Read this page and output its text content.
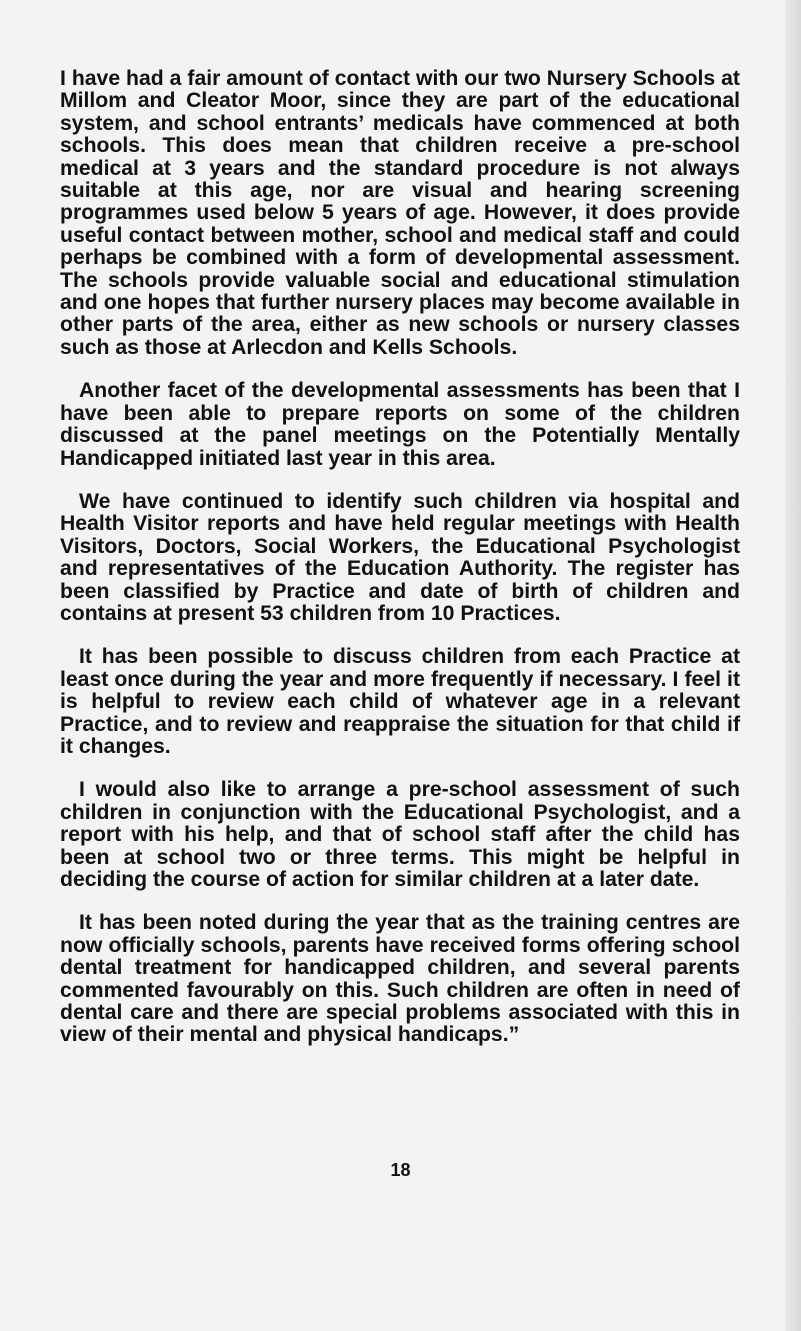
I have had a fair amount of contact with our two Nursery Schools at Millom and Cleator Moor, since they are part of the educational system, and school entrants’ medicals have commenced at both schools. This does mean that children receive a pre-school medical at 3 years and the standard procedure is not always suitable at this age, nor are visual and hearing screening programmes used below 5 years of age. However, it does provide useful contact between mother, school and medical staff and could perhaps be combined with a form of developmental assessment. The schools provide valuable social and educational stimulation and one hopes that further nursery places may become available in other parts of the area, either as new schools or nursery classes such as those at Arlecdon and Kells Schools.

Another facet of the developmental assessments has been that I have been able to prepare reports on some of the children discussed at the panel meetings on the Potentially Mentally Handicapped initiated last year in this area.

We have continued to identify such children via hospital and Health Visitor reports and have held regular meetings with Health Visitors, Doctors, Social Workers, the Educational Psychologist and representatives of the Education Authority. The register has been classified by Practice and date of birth of children and contains at present 53 children from 10 Practices.

It has been possible to discuss children from each Practice at least once during the year and more frequently if necessary. I feel it is helpful to review each child of whatever age in a relevant Practice, and to review and reappraise the situation for that child if it changes.

I would also like to arrange a pre-school assessment of such children in conjunction with the Educational Psychologist, and a report with his help, and that of school staff after the child has been at school two or three terms. This might be helpful in deciding the course of action for similar children at a later date.

It has been noted during the year that as the training centres are now officially schools, parents have received forms offering school dental treatment for handicapped children, and several parents commented favourably on this. Such children are often in need of dental care and there are special problems associated with this in view of their mental and physical handicaps.”

18
